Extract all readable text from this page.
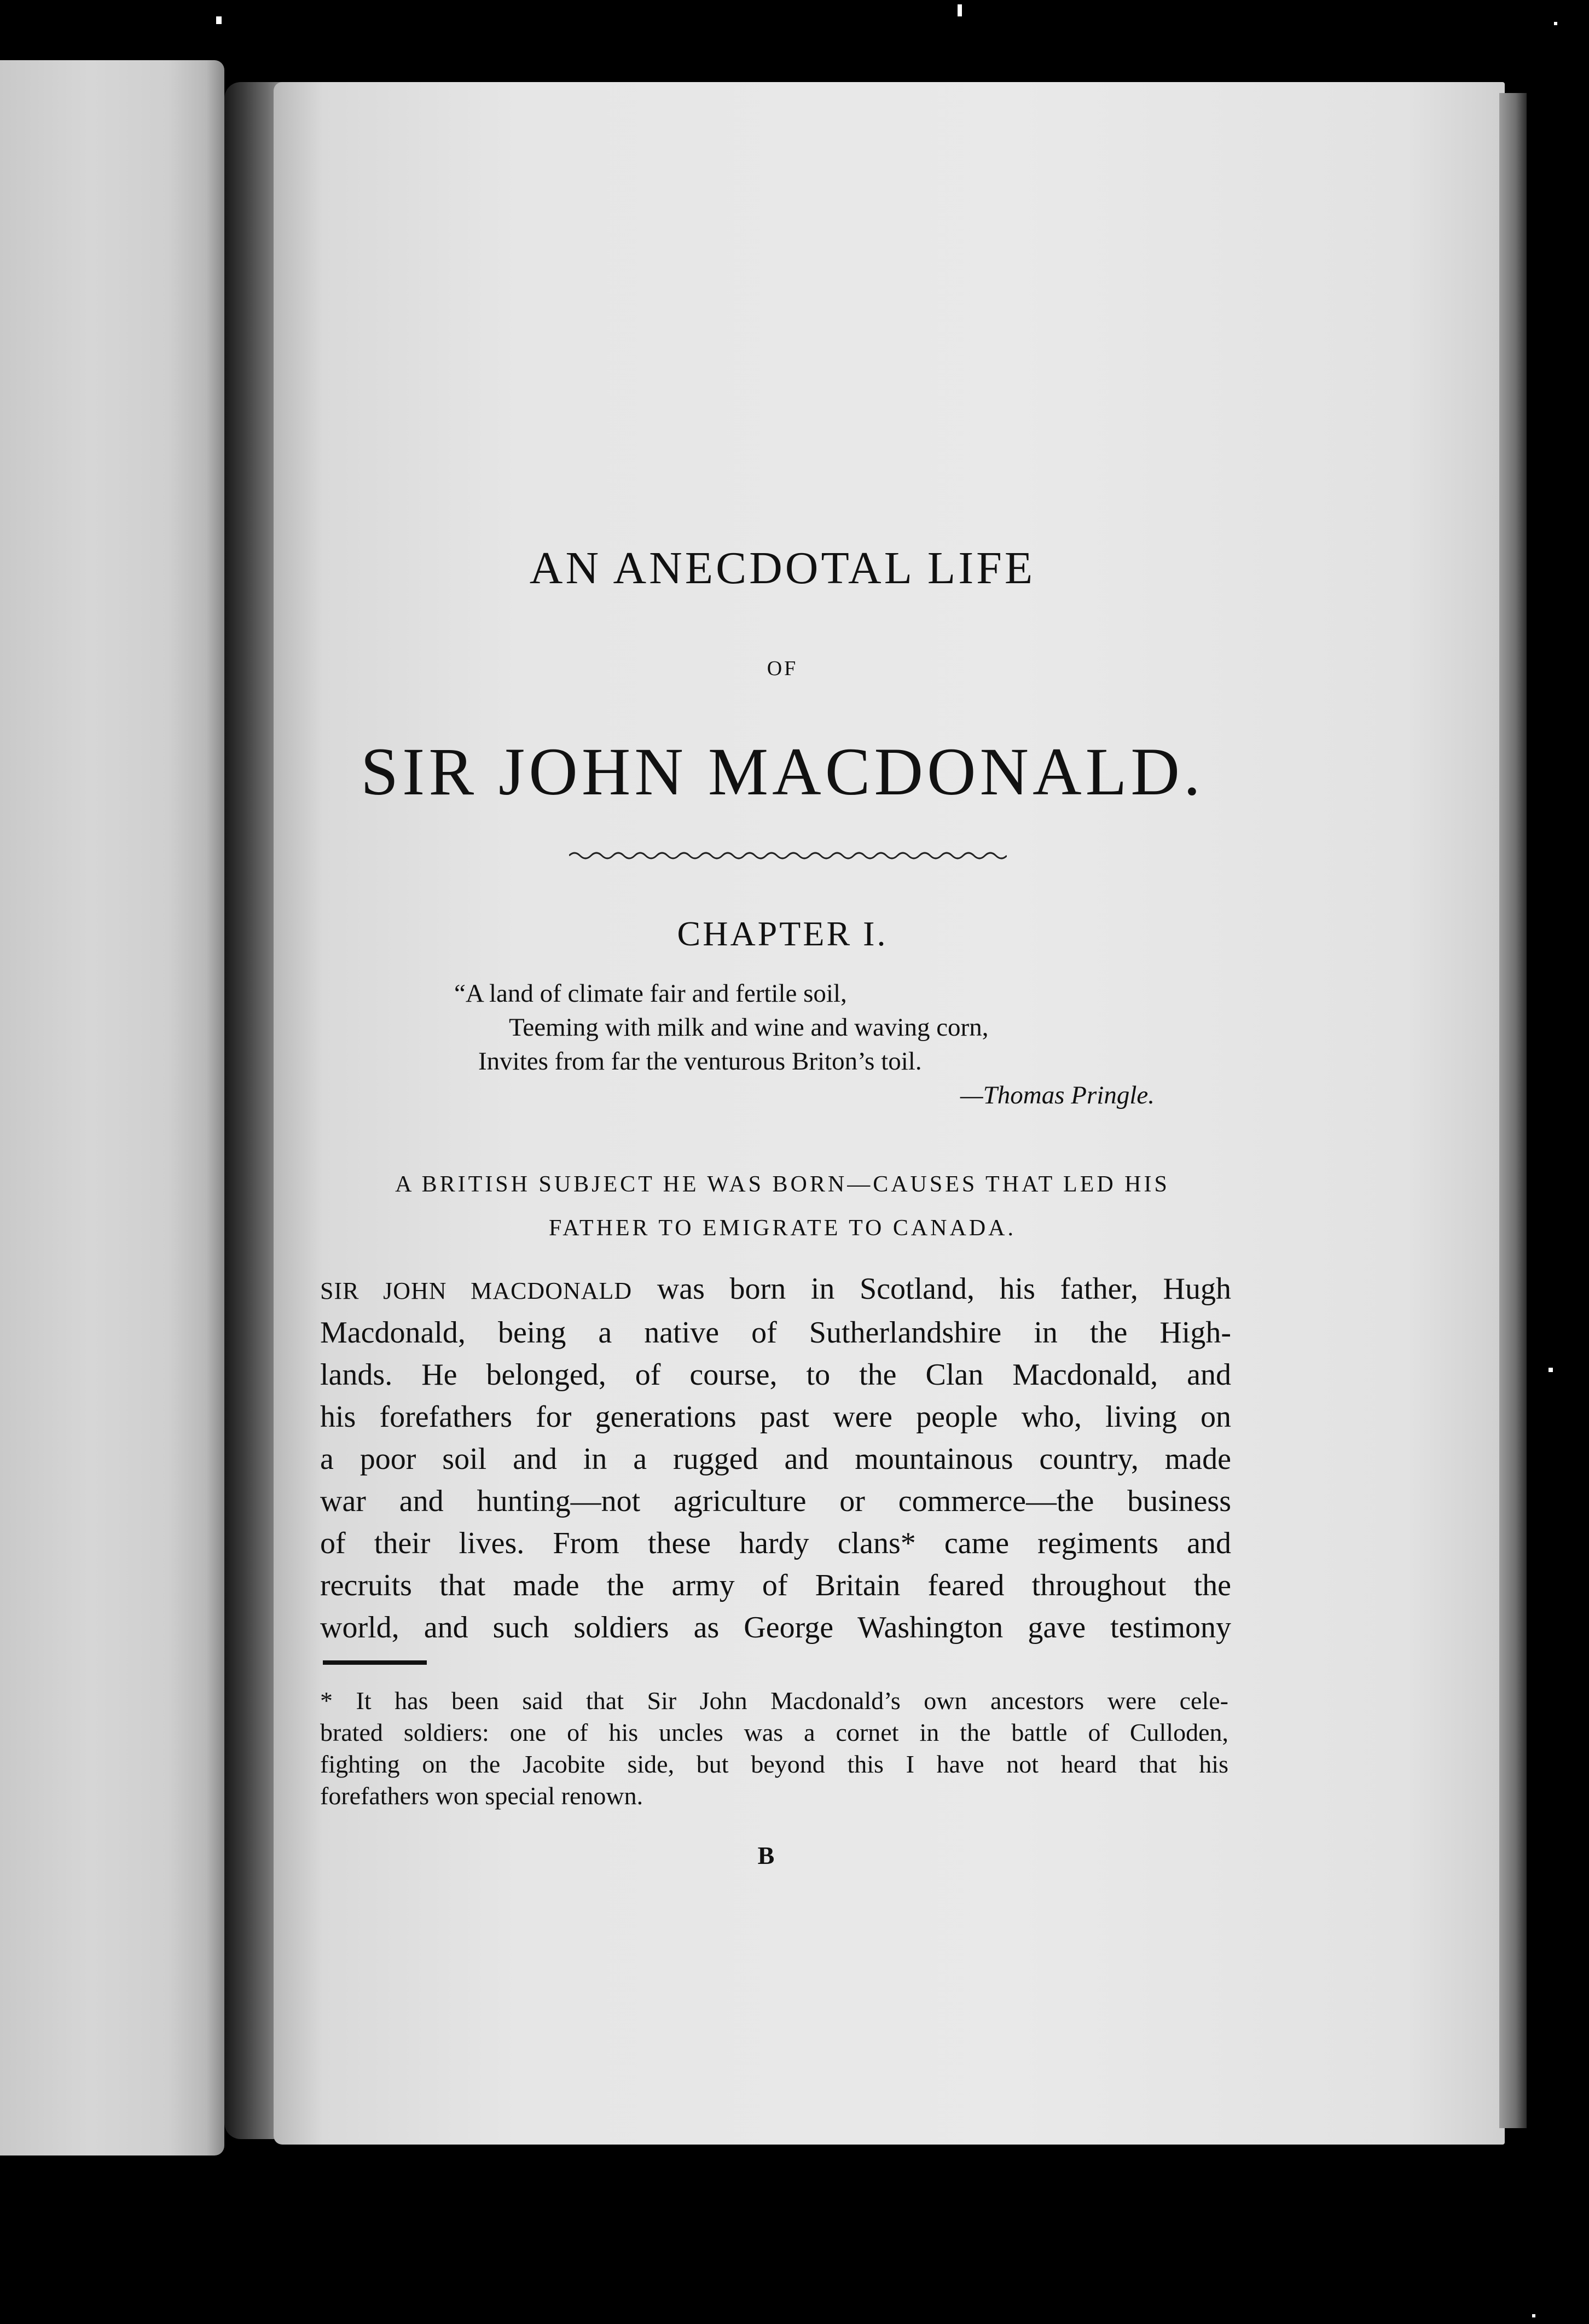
AN ANECDOTAL LIFE
OF
SIR JOHN MACDONALD.
CHAPTER I.
“A land of climate fair and fertile soil,
Teeming with milk and wine and waving corn,
Invites from far the venturous Briton’s toil.
—Thomas Pringle.
A BRITISH SUBJECT HE WAS BORN—CAUSES THAT LED HIS
FATHER TO EMIGRATE TO CANADA.
SIR JOHN MACDONALD was born in Scotland, his father, Hugh
Macdonald, being a native of Sutherlandshire in the High-
lands. He belonged, of course, to the Clan Macdonald, and
his forefathers for generations past were people who, living on
a poor soil and in a rugged and mountainous country, made
war and hunting—not agriculture or commerce—the business
of their lives. From these hardy clans* came regiments and
recruits that made the army of Britain feared throughout the
world, and such soldiers as George Washington gave testimony
* It has been said that Sir John Macdonald’s own ancestors were cele-
brated soldiers: one of his uncles was a cornet in the battle of Culloden,
fighting on the Jacobite side, but beyond this I have not heard that his
forefathers won special renown.
B
